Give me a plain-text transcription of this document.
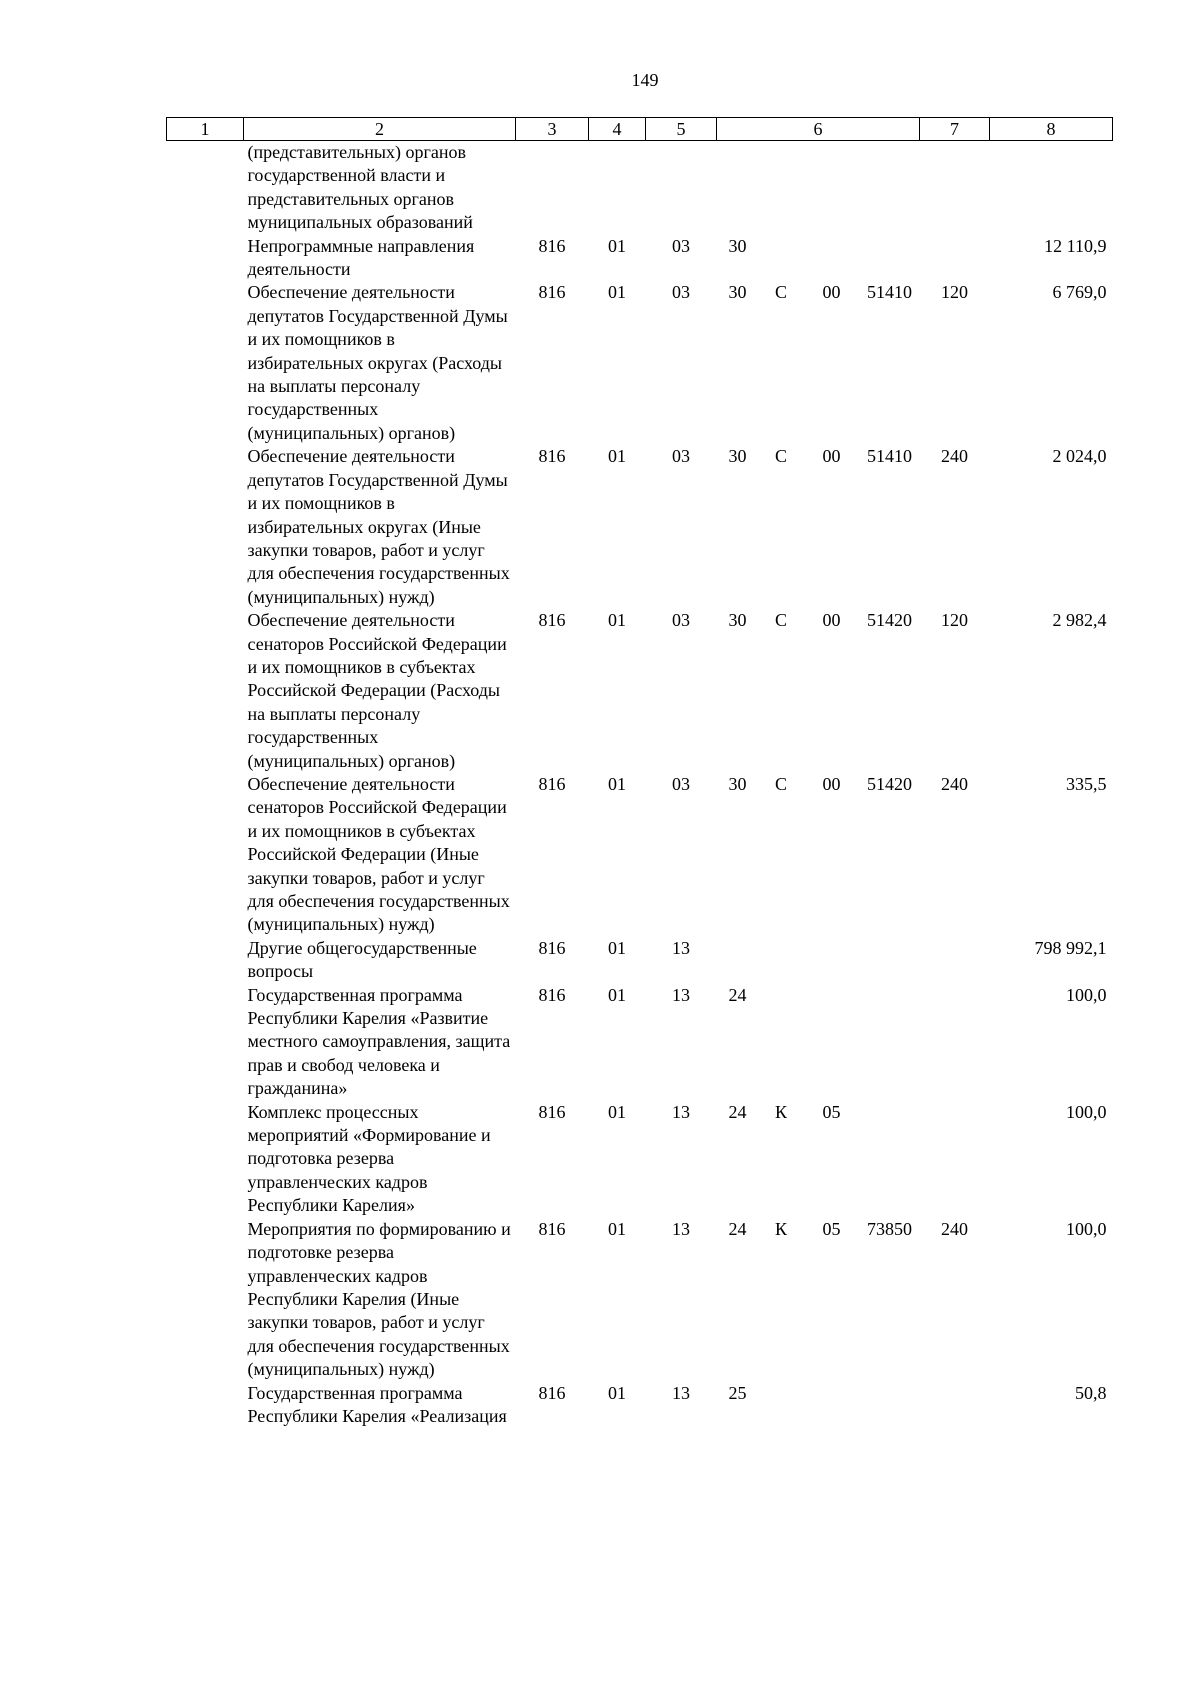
149
1	2	3	4	5	6				7	8
	(представительных) органов государственной власти и представительных органов муниципальных образований									
	Непрограммные направления деятельности	816	01	03	30					12 110,9
	Обеспечение деятельности депутатов Государственной Думы и их помощников в избирательных округах (Расходы на выплаты персоналу государственных (муниципальных) органов)	816	01	03	30	С	00	51410	120	6 769,0
	Обеспечение деятельности депутатов Государственной Думы и их помощников в избирательных округах (Иные закупки товаров, работ и услуг для обеспечения государственных (муниципальных) нужд)	816	01	03	30	С	00	51410	240	2 024,0
	Обеспечение деятельности сенаторов Российской Федерации и их помощников в субъектах Российской Федерации (Расходы на выплаты персоналу государственных (муниципальных) органов)	816	01	03	30	С	00	51420	120	2 982,4
	Обеспечение деятельности сенаторов Российской Федерации и их помощников в субъектах Российской Федерации (Иные закупки товаров, работ и услуг для обеспечения государственных (муниципальных) нужд)	816	01	03	30	С	00	51420	240	335,5
	Другие общегосударственные вопросы	816	01	13						798 992,1
	Государственная программа Республики Карелия «Развитие местного самоуправления, защита прав и свобод человека и гражданина»	816	01	13	24					100,0
	Комплекс процессных мероприятий «Формирование и подготовка резерва управленческих кадров Республики Карелия»	816	01	13	24	К	05			100,0
	Мероприятия по формированию и подготовке резерва управленческих кадров Республики Карелия (Иные закупки товаров, работ и услуг для обеспечения государственных (муниципальных) нужд)	816	01	13	24	К	05	73850	240	100,0
	Государственная программа Республики Карелия «Реализация	816	01	13	25					50,8
